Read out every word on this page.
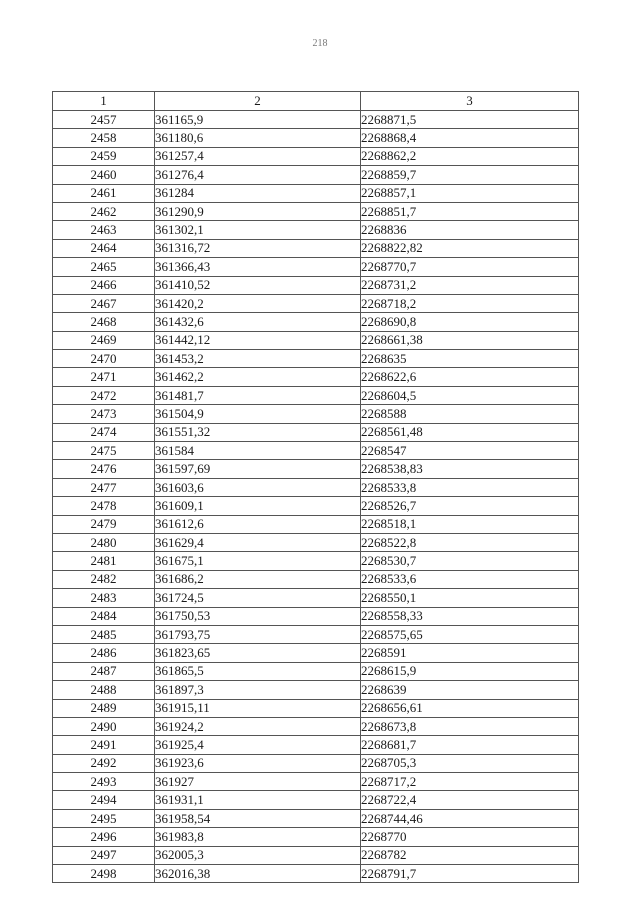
218
1	2	3
2457	361165,9	2268871,5
2458	361180,6	2268868,4
2459	361257,4	2268862,2
2460	361276,4	2268859,7
2461	361284	2268857,1
2462	361290,9	2268851,7
2463	361302,1	2268836
2464	361316,72	2268822,82
2465	361366,43	2268770,7
2466	361410,52	2268731,2
2467	361420,2	2268718,2
2468	361432,6	2268690,8
2469	361442,12	2268661,38
2470	361453,2	2268635
2471	361462,2	2268622,6
2472	361481,7	2268604,5
2473	361504,9	2268588
2474	361551,32	2268561,48
2475	361584	2268547
2476	361597,69	2268538,83
2477	361603,6	2268533,8
2478	361609,1	2268526,7
2479	361612,6	2268518,1
2480	361629,4	2268522,8
2481	361675,1	2268530,7
2482	361686,2	2268533,6
2483	361724,5	2268550,1
2484	361750,53	2268558,33
2485	361793,75	2268575,65
2486	361823,65	2268591
2487	361865,5	2268615,9
2488	361897,3	2268639
2489	361915,11	2268656,61
2490	361924,2	2268673,8
2491	361925,4	2268681,7
2492	361923,6	2268705,3
2493	361927	2268717,2
2494	361931,1	2268722,4
2495	361958,54	2268744,46
2496	361983,8	2268770
2497	362005,3	2268782
2498	362016,38	2268791,7
